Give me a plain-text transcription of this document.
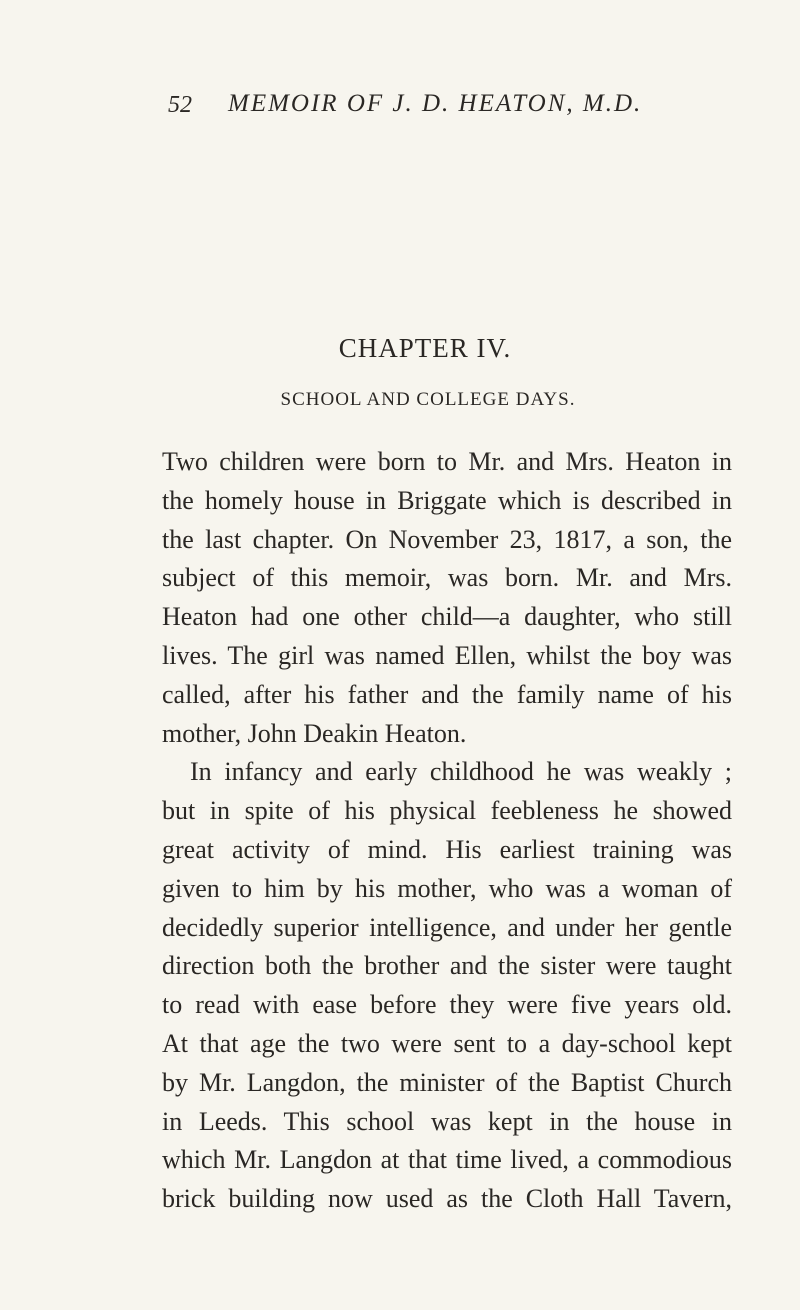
52 MEMOIR OF J. D. HEATON, M.D.
CHAPTER IV.
SCHOOL AND COLLEGE DAYS.
Two children were born to Mr. and Mrs. Heaton in
the homely house in Briggate which is described in
the last chapter. On November 23, 1817, a son, the
subject of this memoir, was born. Mr. and Mrs.
Heaton had one other child—a daughter, who still
lives. The girl was named Ellen, whilst the boy was
called, after his father and the family name of his
mother, John Deakin Heaton.
In infancy and early childhood he was weakly ;
but in spite of his physical feebleness he showed
great activity of mind. His earliest training was
given to him by his mother, who was a woman of
decidedly superior intelligence, and under her gentle
direction both the brother and the sister were taught
to read with ease before they were five years old.
At that age the two were sent to a day-school kept
by Mr. Langdon, the minister of the Baptist Church
in Leeds. This school was kept in the house in
which Mr. Langdon at that time lived, a commodious
brick building now used as the Cloth Hall Tavern,
